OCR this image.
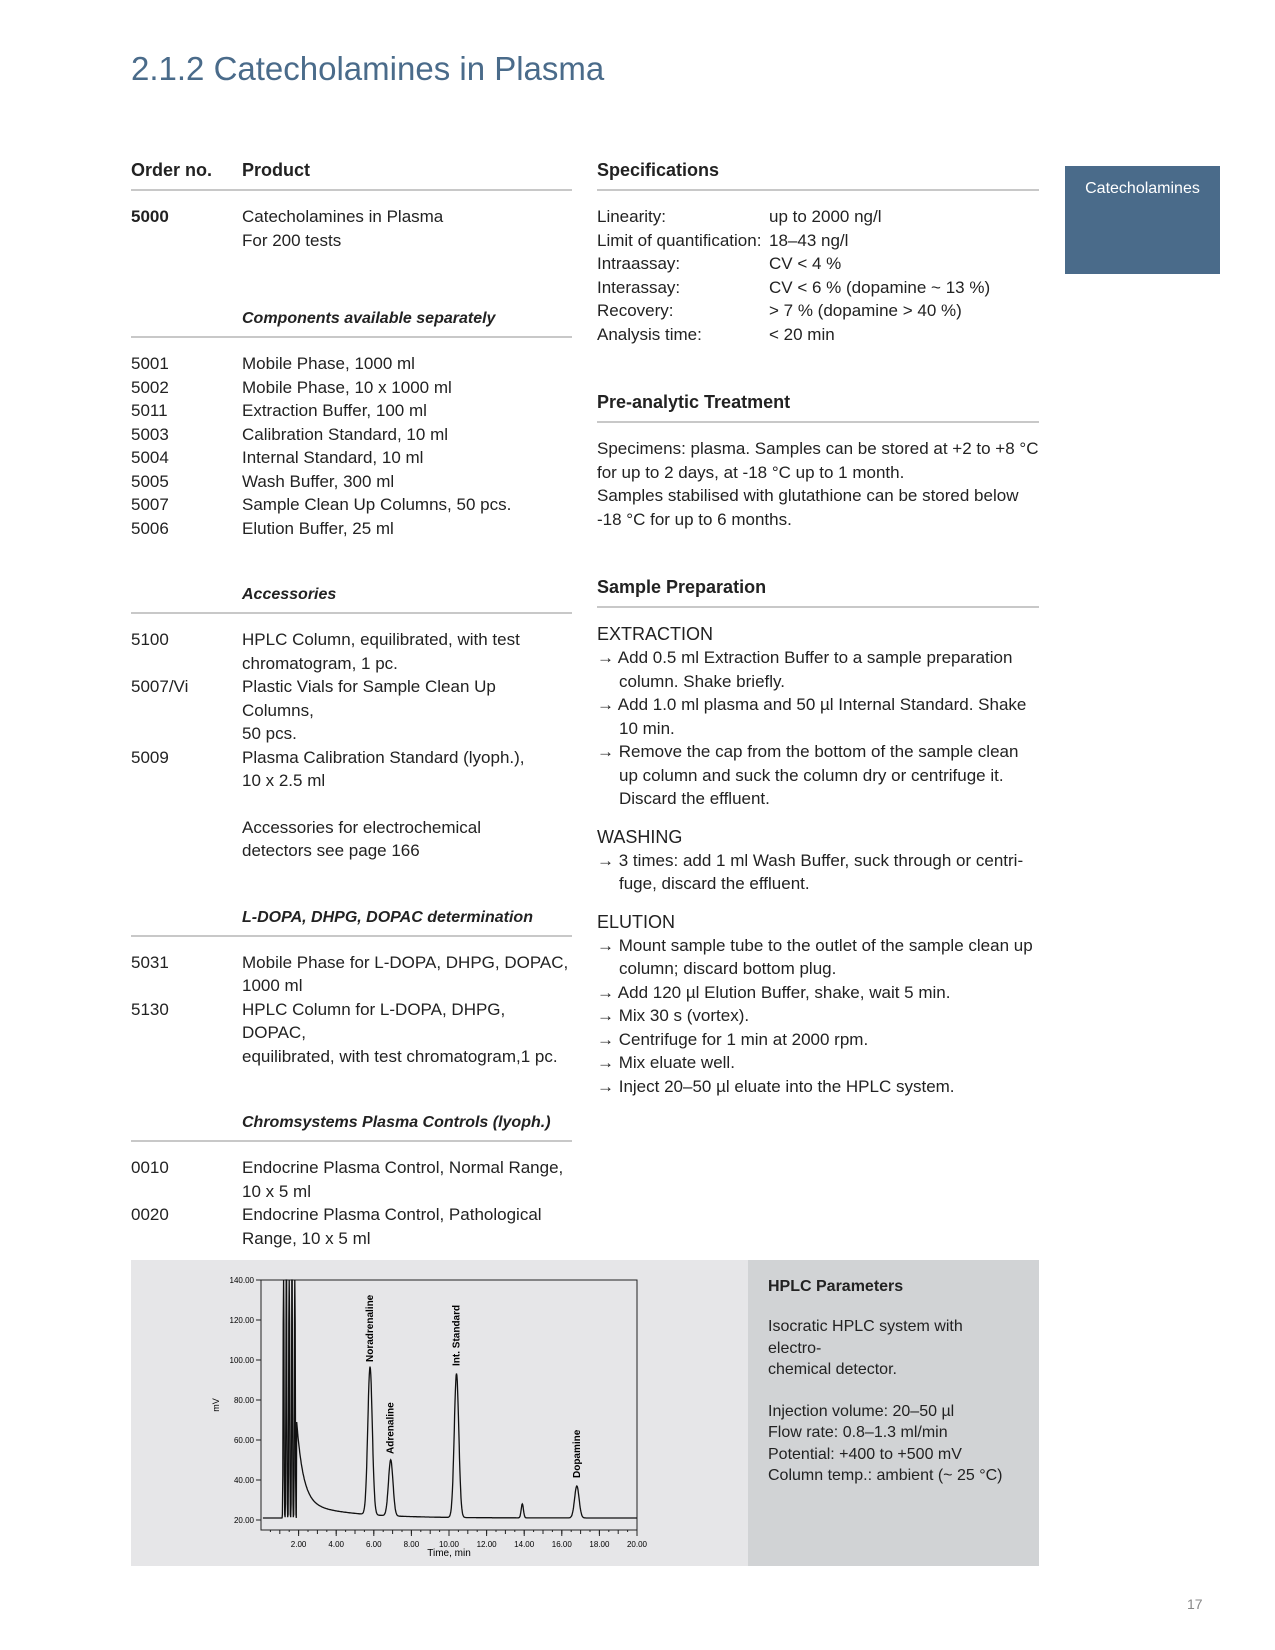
2.1.2 Catecholamines in Plasma
Catecholamines
Order no.	Product
5000	Catecholamines in Plasma
For 200 tests
Components available separately
5001	Mobile Phase, 1000 ml
5002	Mobile Phase, 10 x 1000 ml
5011	Extraction Buffer, 100 ml
5003	Calibration Standard, 10 ml
5004	Internal Standard, 10 ml
5005	Wash Buffer, 300 ml
5007	Sample Clean Up Columns, 50 pcs.
5006	Elution Buffer, 25 ml
Accessories
5100	HPLC Column, equilibrated, with test
chromatogram, 1 pc.
5007/Vi	Plastic Vials for Sample Clean Up Columns,
50 pcs.
5009	Plasma Calibration Standard (lyoph.),
10 x 2.5 ml
Accessories for electrochemical
detectors see page 166
L-DOPA, DHPG, DOPAC determination
5031	Mobile Phase for L-DOPA, DHPG, DOPAC,
1000 ml
5130	HPLC Column for L-DOPA, DHPG, DOPAC,
equilibrated, with test chromatogram,1 pc.
Chromsystems Plasma Controls (lyoph.)
0010	Endocrine Plasma Control, Normal Range,
10 x 5 ml
0020	Endocrine Plasma Control, Pathological
Range, 10 x 5 ml
Specifications
Linearity:	up to 2000 ng/l
Limit of quantification: 18–43 ng/l
Intraassay:	CV < 4 %
Interassay:	CV < 6 % (dopamine ~ 13 %)
Recovery:	> 7 % (dopamine > 40 %)
Analysis time:	< 20 min
Pre-analytic Treatment
Specimens: plasma. Samples can be stored at +2 to +8 °C
for up to 2 days, at -18 °C up to 1 month.
Samples stabilised with glutathione can be stored below
-18 °C for up to 6 months.
Sample Preparation
EXTRACTION
→ Add 0.5 ml Extraction Buffer to a sample preparation column. Shake briefly.
→ Add 1.0 ml plasma and 50 µl Internal Standard. Shake 10 min.
→ Remove the cap from the bottom of the sample clean up column and suck the column dry or centrifuge it. Discard the effluent.
WASHING
→ 3 times: add 1 ml Wash Buffer, suck through or centri-fuge, discard the effluent.
ELUTION
→ Mount sample tube to the outlet of the sample clean up column; discard bottom plug.
→ Add 120 µl Elution Buffer, shake, wait 5 min.
→ Mix 30 s (vortex).
→ Centrifuge for 1 min at 2000 rpm.
→ Mix eluate well.
→ Inject 20–50 µl eluate into the HPLC system.
20.00
40.00
60.00
80.00
100.00
120.00
140.00
2.00	4.00	6.00	8.00 10.00 12.00 14.00 16.00 18.00 20.00
Noradrenaline
Adrenaline
Int. Standard
Dopamine
mV
Time, min
HPLC Parameters
Isocratic HPLC system with electro-
chemical detector.
Injection volume: 20–50 µl
Flow rate: 0.8–1.3 ml/min
Potential: +400 to +500 mV
Column temp.: ambient (~ 25 °C)
17
